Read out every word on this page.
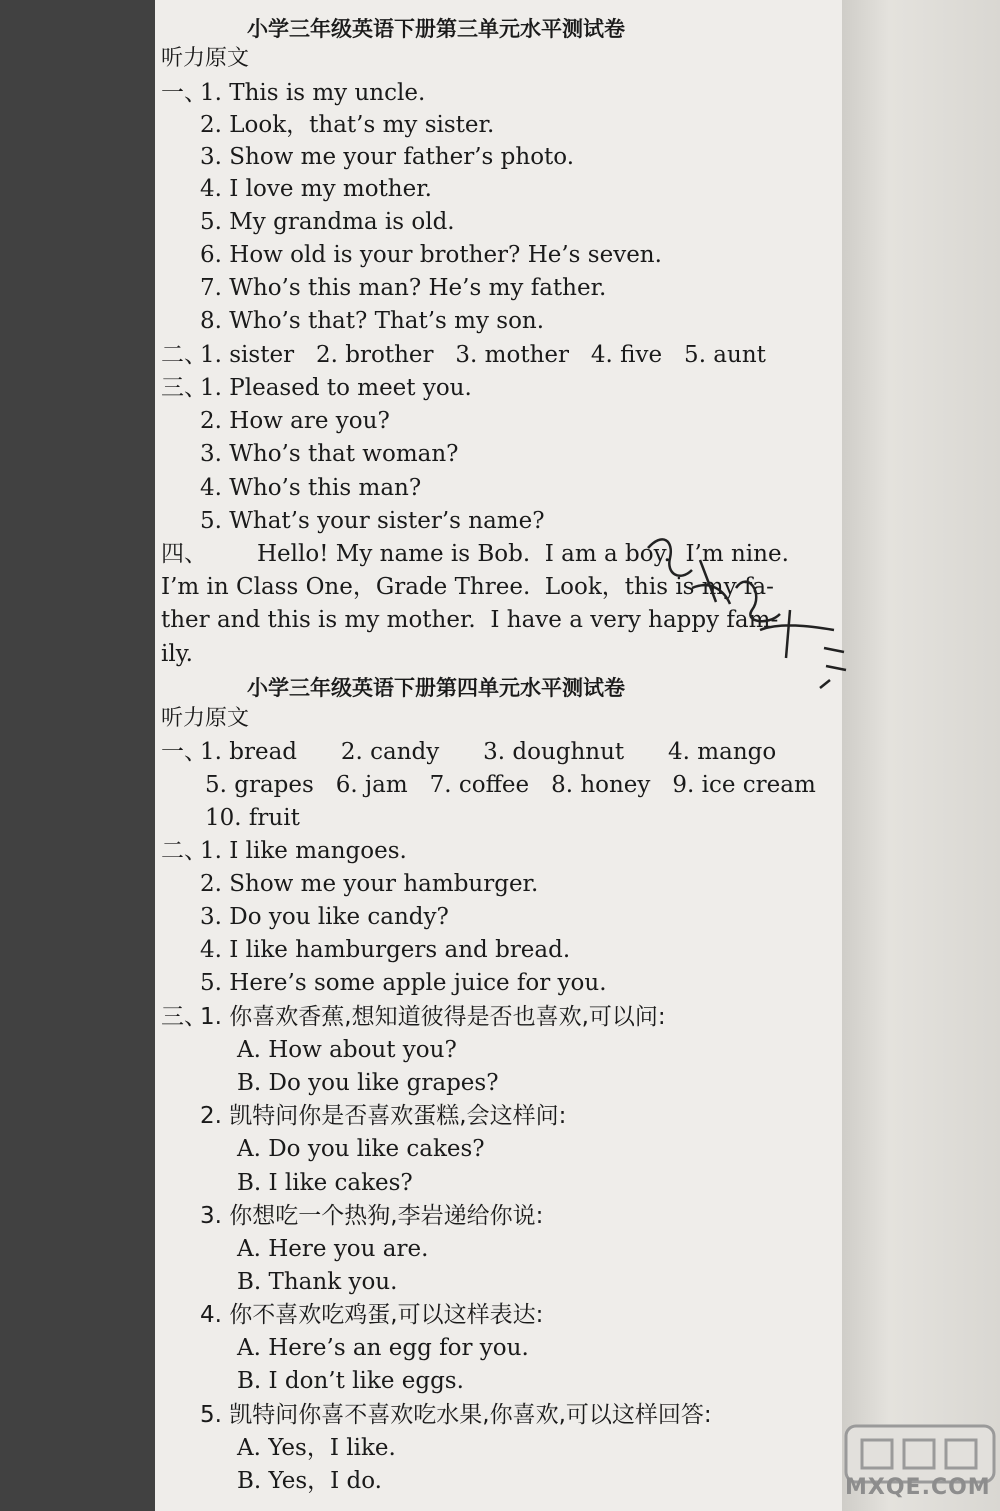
小学三年级英语下册第三单元水平测试卷
听力原文
一、
1. This is my uncle.
2. Look，that’s my sister.
3. Show me your father’s photo.
4. I love my mother.
5. My grandma is old.
6. How old is your brother? He’s seven.
7. Who’s this man? He’s my father.
8. Who’s that? That’s my son.
二、
1. sister   2. brother   3. mother   4. five   5. aunt
三、
1. Pleased to meet you.
2. How are you?
3. Who’s that woman?
4. Who’s this man?
5. What’s your sister’s name?
四、 Hello! My name is Bob.  I am a boy.  I’m nine.
I’m in Class One，Grade Three.  Look，this is my fa-
ther and this is my mother.  I have a very happy fam-
ily.
小学三年级英语下册第四单元水平测试卷
听力原文
一、
1. bread      2. candy      3. doughnut      4. mango
5. grapes   6. jam   7. coffee   8. honey   9. ice cream
10. fruit
二、
1. I like mangoes.
2. Show me your hamburger.
3. Do you like candy?
4. I like hamburgers and bread.
5. Here’s some apple juice for you.
三、
1. 你喜欢香蕉,想知道彼得是否也喜欢,可以问:
A. How about you?
B. Do you like grapes?
2. 凯特问你是否喜欢蛋糕,会这样问:
A. Do you like cakes?
B. I like cakes?
3. 你想吃一个热狗,李岩递给你说:
A. Here you are.
B. Thank you.
4. 你不喜欢吃鸡蛋,可以这样表达:
A. Here’s an egg for you.
B. I don’t like eggs.
5. 凯特问你喜不喜欢吃水果,你喜欢,可以这样回答:
A. Yes，I like.
B. Yes，I do.	MXQE.COM
